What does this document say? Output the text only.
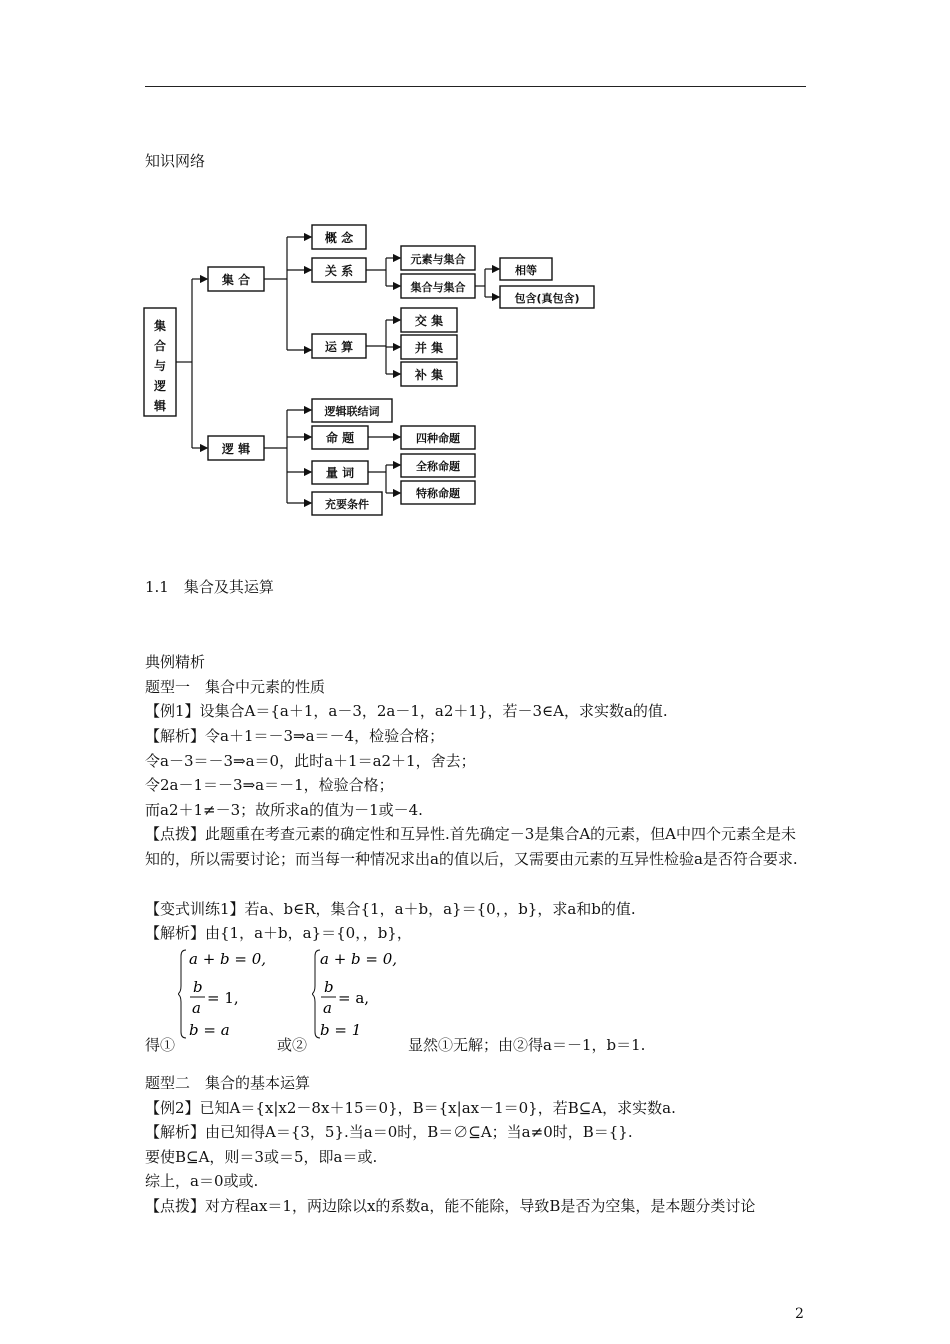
知识网络
集
合
与
逻
辑
集 合
逻 辑
概 念
关 系
运 算
元素与集合
集合与集合
相等
包含(真包含)
交 集
并 集
补 集
逻辑联结词
命 题
量 词
充要条件
四种命题
全称命题
特称命题
1.1　集合及其运算
典例精析
题型一　集合中元素的性质
【例1】设集合A＝{a＋1，a－3，2a－1，a2＋1}，若－3∈A，求实数a的值.
【解析】令a＋1＝－3⇒a＝－4，检验合格；
令a－3＝－3⇒a＝0，此时a＋1＝a2＋1，舍去；
令2a－1＝－3⇒a＝－1，检验合格；
而a2＋1≠－3；故所求a的值为－1或－4.
【点拨】此题重在考查元素的确定性和互异性.首先确定－3是集合A的元素，但A中四个元素全是未知的，所以需要讨论；而当每一种情况求出a的值以后，又需要由元素的互异性检验a是否符合要求.
【变式训练1】若a、b∈R，集合{1，a＋b，a}＝{0，，b}，求a和b的值.
【解析】由{1，a＋b，a}＝{0，，b}，
a + b = 0,
b
a
= 1,
b = a
a + b = 0,
b
a
= a,
b = 1
得①	或②	显然①无解；由②得a＝－1，b＝1.
题型二　集合的基本运算
【例2】已知A＝{x|x2－8x＋15＝0}，B＝{x|ax－1＝0}，若B⊆A，求实数a.
【解析】由已知得A＝{3，5}.当a＝0时，B＝∅⊆A；当a≠0时，B＝{}.
要使B⊆A，则＝3或＝5，即a＝或.
综上，a＝0或或.
【点拨】对方程ax＝1，两边除以x的系数a，能不能除，导致B是否为空集，是本题分类讨论
2
